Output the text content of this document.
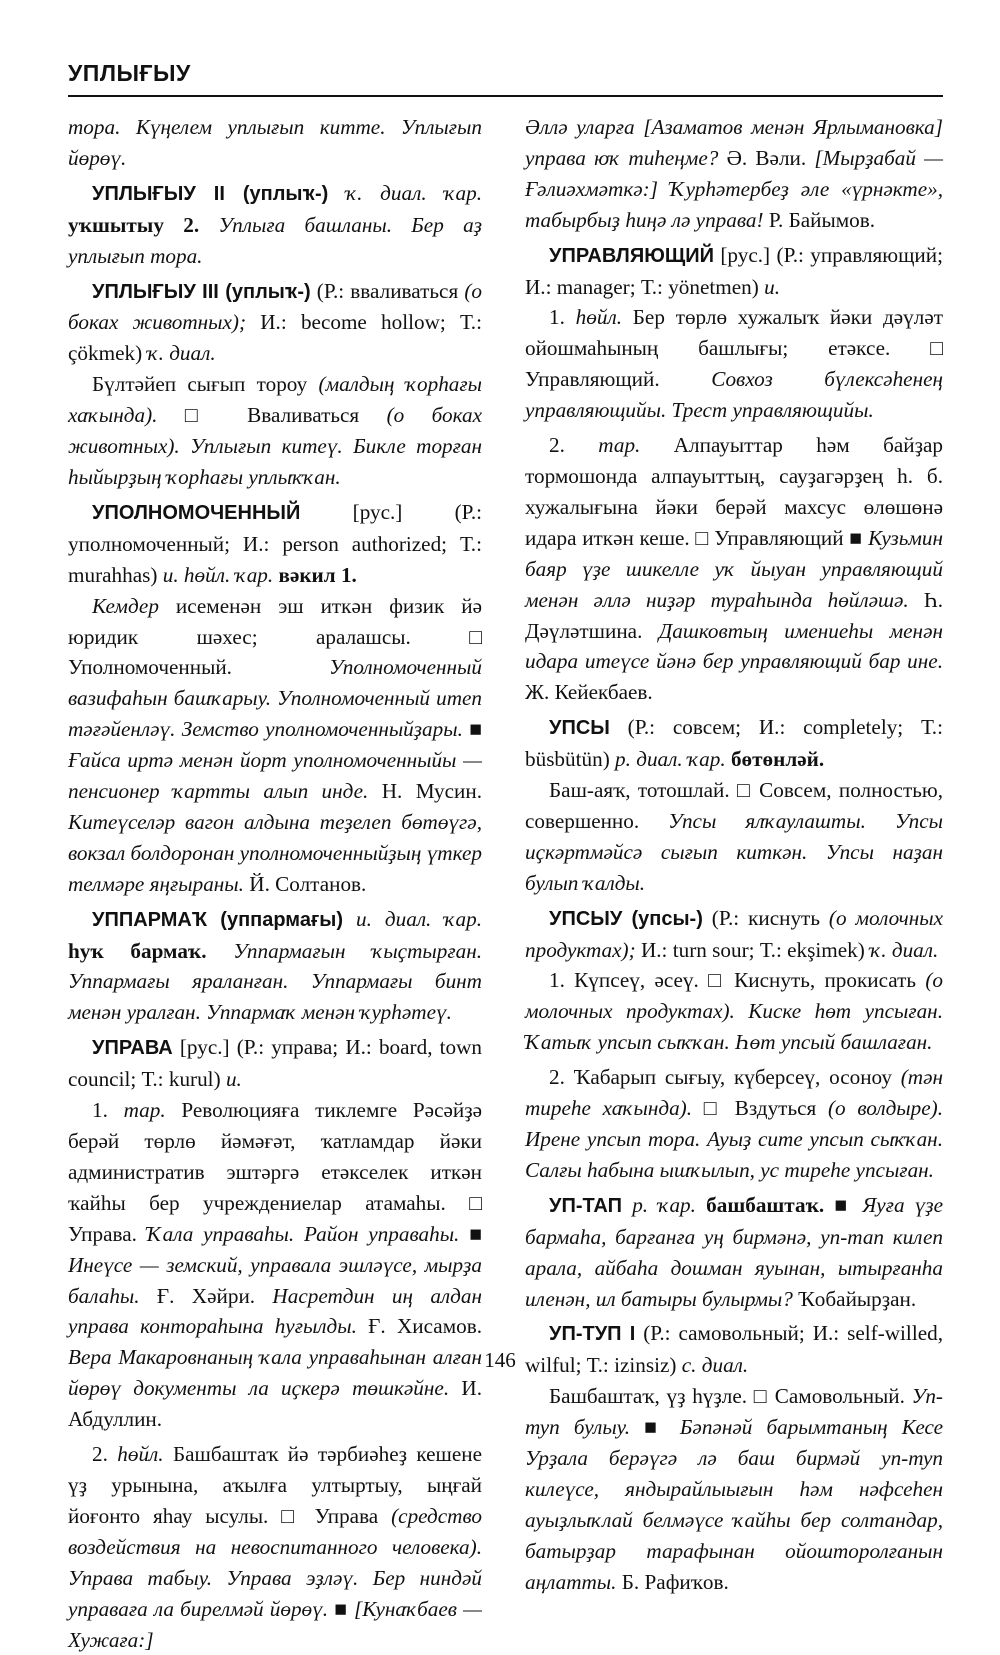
УПЛЫҒЫУ

тора. Күңелем уплығып китте. Уплығып йөрөү.

УПЛЫҒЫУ II (уплыҡ-) ҡ. диал. ҡар. уҡшытыу 2. Уплыға башланы. Бер аҙ уплығып тора.

УПЛЫҒЫУ III (уплыҡ-) (Р.: вваливаться (о боках животных); И.: become hollow; Т.: çökmek) ҡ. диал.

Бүлтәйеп сығып тороу (малдың ҡорһағы хаҡында). □ Вваливаться (о боках животных). Уплығып китеү. Бикле торған һыйырҙың ҡорһағы уплыҡҡан.

УПОЛНОМОЧЕННЫЙ [рус.] (Р.: уполномоченный; И.: person authorized; Т.: murahhas) и. һөйл. ҡар. вәкил 1.

Кемдер исеменән эш иткән физик йә юридик шәхес; аралашсы. □ Уполномоченный. Уполномоченный вазифаһын башҡарыу. Уполномоченный итеп тәғәйенләү. Земство уполномоченныйҙары. ■ Ғайса иртә менән йорт уполномоченныйы — пенсионер ҡартты алып инде. Н. Мусин. Китеүселәр вагон алдына теҙелеп бөтөүгә, вокзал болдоронан уполномоченныйҙың үткер телмәре яңғыраны. Й. Солтанов.

УППАРМАҠ (уппармағы) и. диал. ҡар. һуҡ бармаҡ. Уппармағын ҡыҫтырған. Уппармағы яраланған. Уппармағы бинт менән уралған. Уппармаҡ менән ҡурһәтеү.

УПРАВА [рус.] (Р.: управа; И.: board, town council; Т.: kurul) и.

1. тар. Революцияға тиклемге Рәсәйҙә берәй төрлө йәмәғәт, ҡатламдар йәки административ эштәргә етәкселек иткән ҡайһы бер учреждениелар атамаһы. □ Управа. Ҡала управаһы. Район управаһы. ■ Инеүсе — земский, управала эшләүсе, мырҙа балаһы. Ғ. Хәйри. Насретдин иң алдан управа контораһына һуғылды. Ғ. Хисамов. Вера Макаровнаның ҡала управаһынан алған йөрөү документы ла иҫкерә төшкәйне. И. Абдуллин.

2. һөйл. Башбаштаҡ йә тәрбиәһеҙ кешене үҙ урынына, аҡылға ултыртыу, ыңғай йоғонто яһау ысулы. □ Управа (средство воздействия на невоспитанного человека). Управа табыу. Управа эҙләү. Бер ниндәй управаға ла бирелмәй йөрөү. ■ [Кунаҡбаев — Хужаға:]

Әллә уларға [Азаматов менән Ярлымановка] управа юҡ тиһеңме? Ә. Вәли. [Мырҙабай — Ғәлиәхмәткә:] Ҡурһәтербеҙ әле «үрнәкте», табырбыҙ һиңә лә управа! Р. Байымов.

УПРАВЛЯЮЩИЙ [рус.] (Р.: управляющий; И.: manager; Т.: yönetmen) и.

1. һөйл. Бер төрлө хужалыҡ йәки дәүләт ойошмаһының башлығы; етәксе. □ Управляющий. Совхоз бүлексәһенең управляющийы. Трест управляющийы.

2. тар. Алпауыттар һәм байҙар тормошонда алпауыттың, сауҙагәрҙең һ. б. хужалығына йәки берәй махсус өлөшөнә идара иткән кеше. □ Управляющий ■ Кузьмин баяр үҙе шикелле уҡ йыуан управляющий менән әллә ниҙәр тураһында һөйләшә. Һ. Дәүләтшина. Дашковтың имениеһы менән идара итеүсе йәнә бер управляющий бар ине. Ж. Кейекбаев.

УПСЫ (Р.: совсем; И.: completely; Т.: büsbütün) р. диал. ҡар. бөтөнләй.

Баш-аяҡ, тотошлай. □ Совсем, полностью, совершенно. Упсы ялҡаулашты. Упсы иҫкәртмәйсә сығып киткән. Упсы наҙан булып ҡалды.

УПСЫУ (упсы-) (Р.: киснуть (о молочных продуктах); И.: turn sour; Т.: ekşimek) ҡ. диал.

1. Күпсеү, әсеү. □ Киснуть, прокисать (о молочных продуктах). Киске һөт упсыған. Ҡатыҡ упсып сыҡҡан. Һөт упсый башлаған.

2. Ҡабарып сығыу, күберсеү, осоноу (тән тиреһе хаҡында). □ Вздуться (о волдыре). Ирене упсып тора. Ауыҙ ситe упсып сыҡҡан. Салғы һабына ышҡылып, ус тиреһе упсыған.

УП-ТАП р. ҡар. башбаштаҡ. ■ Яуға үҙе бармаһа, барғанға уң бирмәнә, уп-тап килеп арала, айбаһа дошман яуынан, ытырғанһа иленән, ил батыры булырмы? Ҡобайырҙан.

УП-ТУП I (Р.: самовольный; И.: self-willed, wilful; Т.: izinsiz) с. диал.

Башбаштаҡ, үҙ һүҙле. □ Самовольный. Уп-туп булыу. ■ Бәпәнәй барымтаның Кесе Урҙала берәүгә лә баш бирмәй уп-туп килеүсе, яндырайлыығын һәм нәфсеһен ауыҙлыҡлай белмәүсе ҡайһы бер солтандар, батырҙар тарафынан ойошторолғанын аңлатты. Б. Рафиҡов.

146
